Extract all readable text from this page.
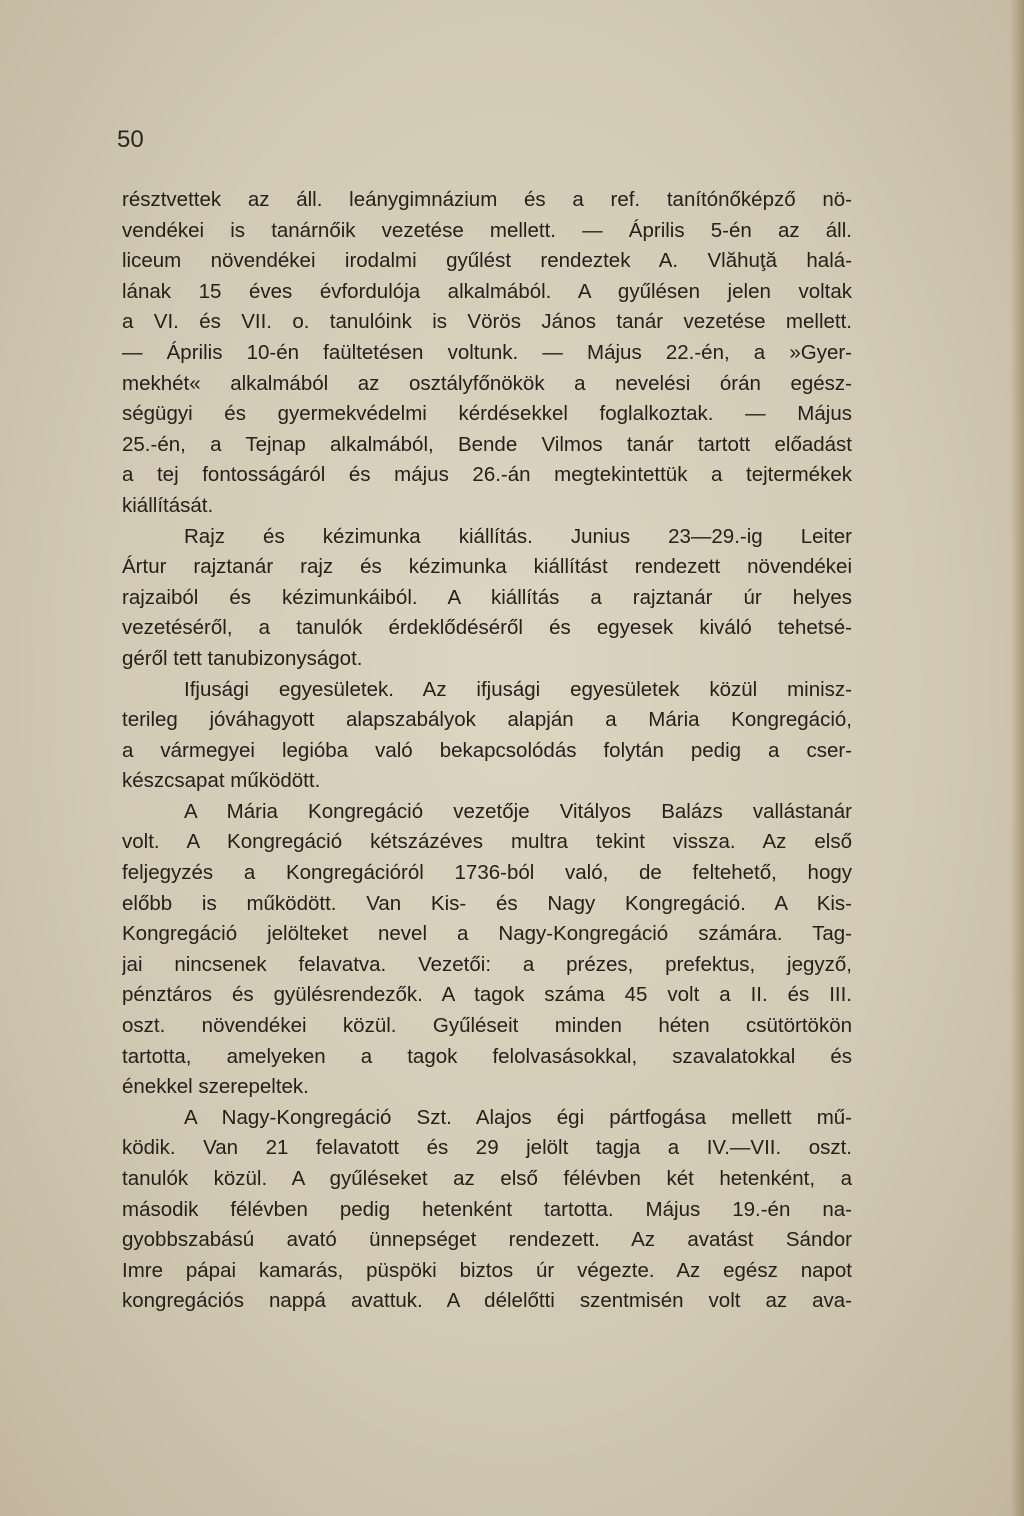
50
résztvettek az áll. leánygimnázium és a ref. tanítónőképző nö-
vendékei is tanárnőik vezetése mellett. — Április 5-én az áll.
liceum növendékei irodalmi gyűlést rendeztek A. Vlăhuţă halá-
lának 15 éves évfordulója alkalmából. A gyűlésen jelen voltak
a VI. és VII. o. tanulóink is Vörös János tanár vezetése mellett.
— Április 10-én faültetésen voltunk. — Május 22.-én, a »Gyer-
mekhét« alkalmából az osztályfőnökök a nevelési órán egész-
ségügyi és gyermekvédelmi kérdésekkel foglalkoztak. — Május
25.-én, a Tejnap alkalmából, Bende Vilmos tanár tartott előadást
a tej fontosságáról és május 26.-án megtekintettük a tejtermékek
kiállítását.
Rajz és kézimunka kiállítás. Junius 23—29.-ig Leiter
Ártur rajztanár rajz és kézimunka kiállítást rendezett növendékei
rajzaiból és kézimunkáiból. A kiállítás a rajztanár úr helyes
vezetéséről, a tanulók érdeklődéséről és egyesek kiváló tehetsé-
géről tett tanubizonyságot.
Ifjusági egyesületek. Az ifjusági egyesületek közül minisz-
terileg jóváhagyott alapszabályok alapján a Mária Kongregáció,
a vármegyei legióba való bekapcsolódás folytán pedig a cser-
készcsapat működött.
A Mária Kongregáció vezetője Vitályos Balázs vallástanár
volt. A Kongregáció kétszázéves multra tekint vissza. Az első
feljegyzés a Kongregációról 1736-ból való, de feltehető, hogy
előbb is működött. Van Kis- és Nagy Kongregáció. A Kis-
Kongregáció jelölteket nevel a Nagy-Kongregáció számára. Tag-
jai nincsenek felavatva. Vezetői: a prézes, prefektus, jegyző,
pénztáros és gyülésrendezők. A tagok száma 45 volt a II. és III.
oszt. növendékei közül. Gyűléseit minden héten csütörtökön
tartotta, amelyeken a tagok felolvasásokkal, szavalatokkal és
énekkel szerepeltek.
A Nagy-Kongregáció Szt. Alajos égi pártfogása mellett mű-
ködik. Van 21 felavatott és 29 jelölt tagja a IV.—VII. oszt.
tanulók közül. A gyűléseket az első félévben két hetenként, a
második félévben pedig hetenként tartotta. Május 19.-én na-
gyobbszabású avató ünnepséget rendezett. Az avatást Sándor
Imre pápai kamarás, püspöki biztos úr végezte. Az egész napot
kongregációs nappá avattuk. A délelőtti szentmisén volt az ava-
